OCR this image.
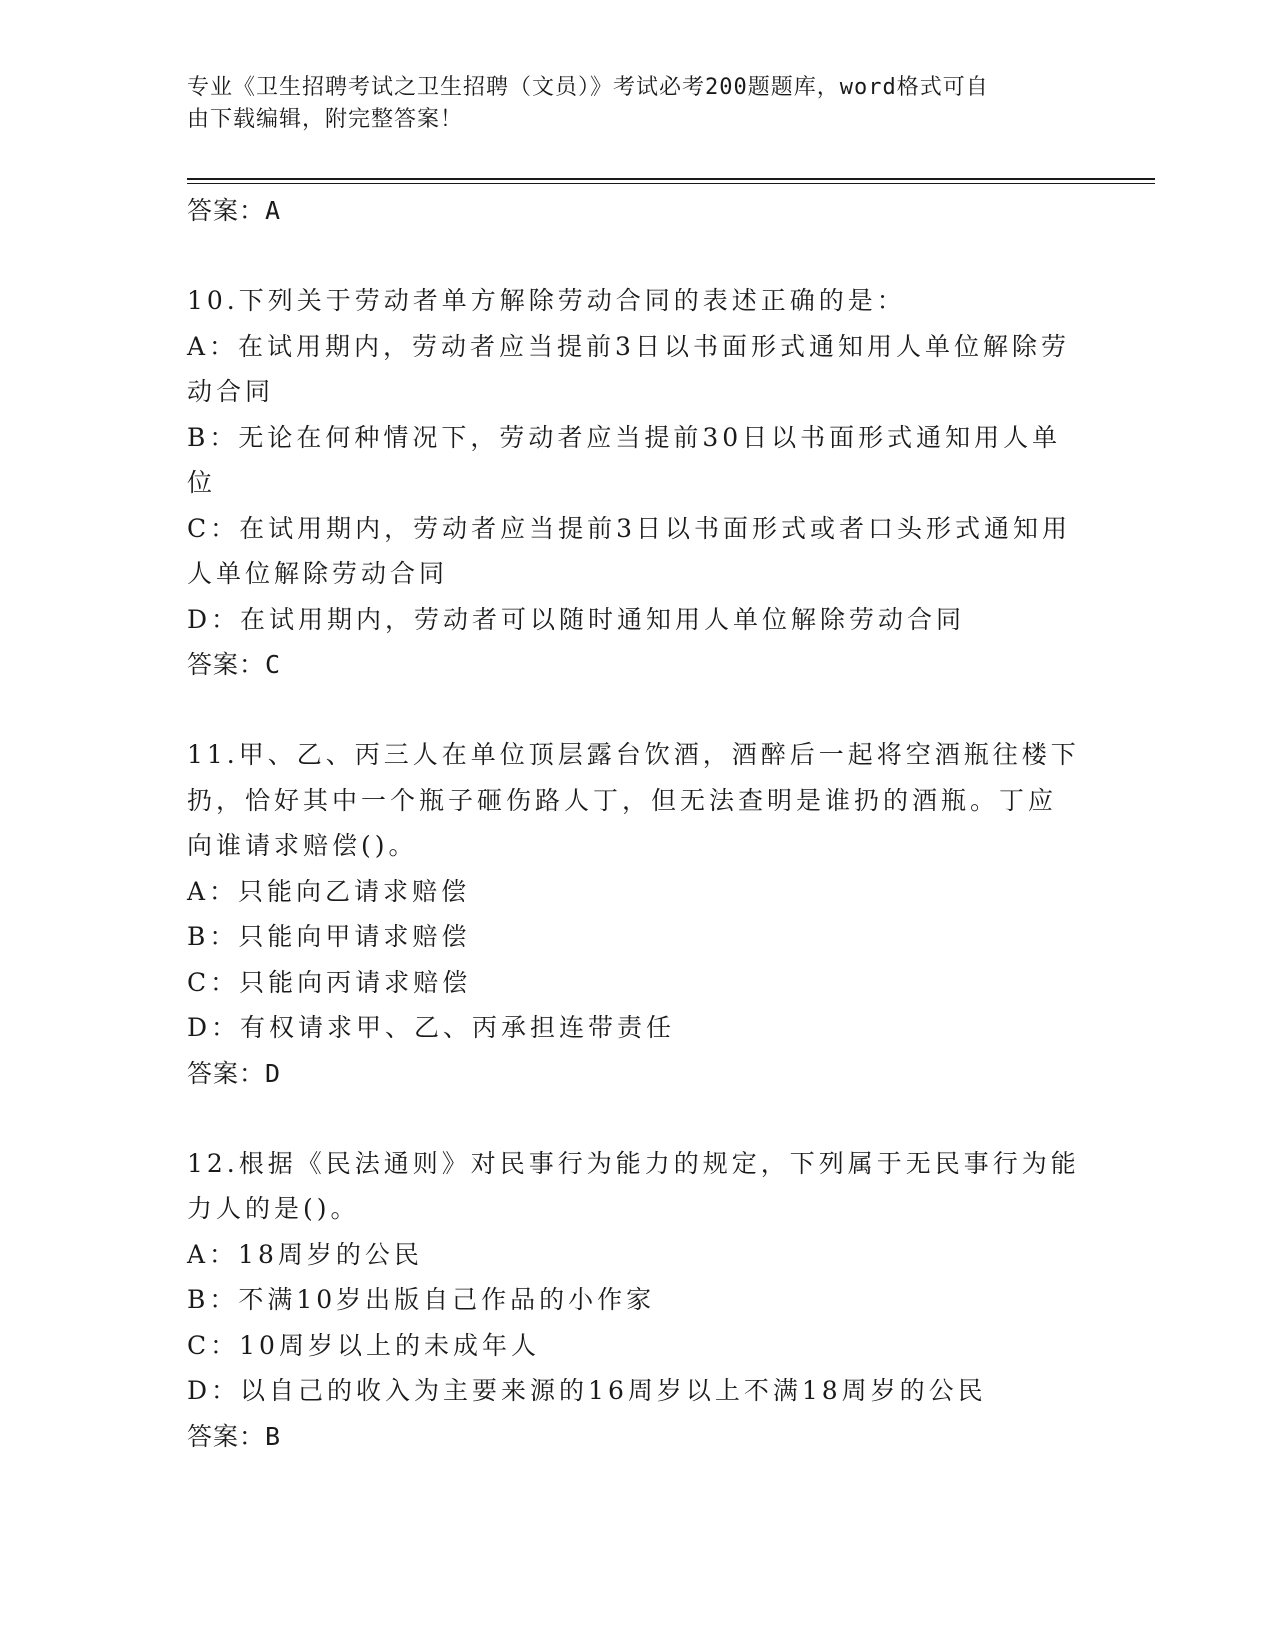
专业《卫生招聘考试之卫生招聘（文员）》考试必考200题题库，word格式可自
由下载编辑，附完整答案！
答案：A
10.下列关于劳动者单方解除劳动合同的表述正确的是：
A：在试用期内，劳动者应当提前3日以书面形式通知用人单位解除劳
动合同
B：无论在何种情况下，劳动者应当提前30日以书面形式通知用人单
位
C：在试用期内，劳动者应当提前3日以书面形式或者口头形式通知用
人单位解除劳动合同
D：在试用期内，劳动者可以随时通知用人单位解除劳动合同
答案：C
11.甲、乙、丙三人在单位顶层露台饮酒，酒醉后一起将空酒瓶往楼下
扔，恰好其中一个瓶子砸伤路人丁，但无法查明是谁扔的酒瓶。丁应
向谁请求赔偿()。
A：只能向乙请求赔偿
B：只能向甲请求赔偿
C：只能向丙请求赔偿
D：有权请求甲、乙、丙承担连带责任
答案：D
12.根据《民法通则》对民事行为能力的规定，下列属于无民事行为能
力人的是()。
A：18周岁的公民
B：不满10岁出版自己作品的小作家
C：10周岁以上的未成年人
D：以自己的收入为主要来源的16周岁以上不满18周岁的公民
答案：B
